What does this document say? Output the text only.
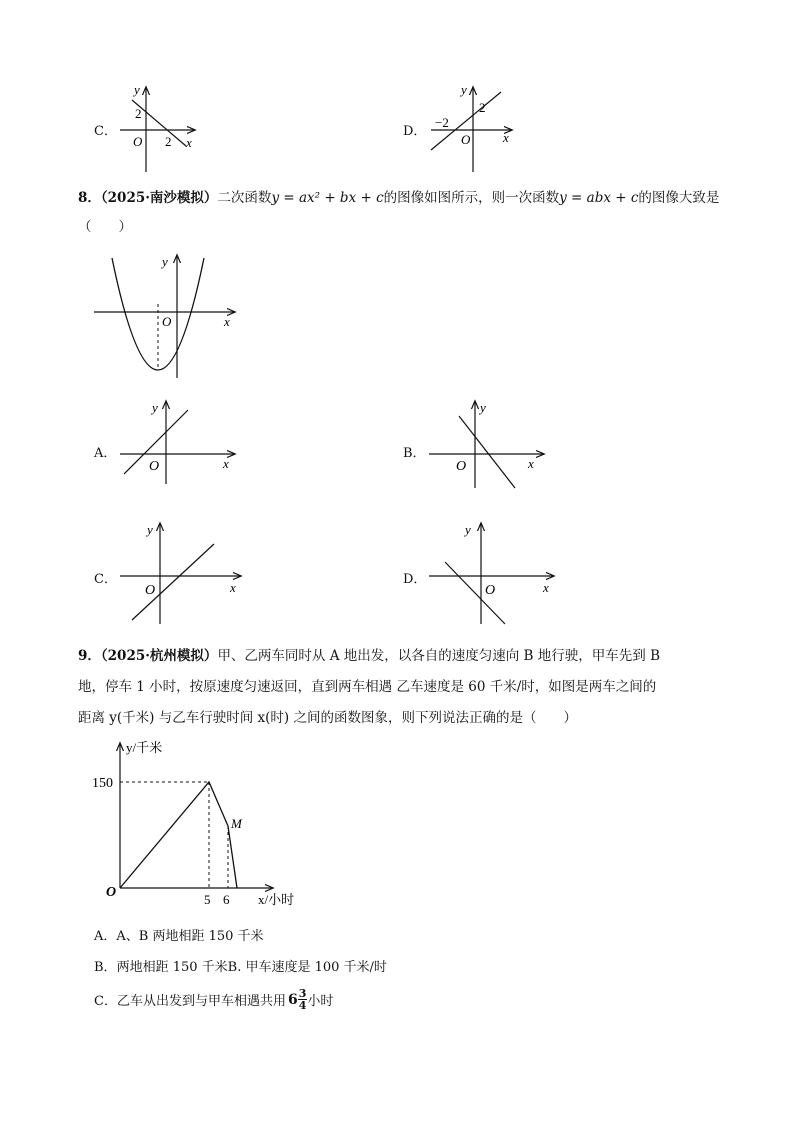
C．
y
x
O
2
2
D．
y
x
O
2
−2
8．（2025·南沙模拟）二次函数y = ax² + bx + c的图像如图所示，则一次函数y = abx + c的图像大致是
（　　）
y
x
O
A．
y
x
O
B．
y
x
O
C．
y
x
O
D．
y
x
O
9．（2025·杭州模拟）甲、乙两车同时从 A 地出发，以各自的速度匀速向 B 地行驶，甲车先到 B
地，停车 1 小时，按原速度匀速返回，直到两车相遇 乙车速度是 60 千米/时，如图是两车之间的
距离 y(千米) 与乙车行驶时间 x(时) 之间的函数图象，则下列说法正确的是（　　）
y/千米
x/小时
O
150
5 6
M
A．A、B 两地相距 150 千米
B．两地相距 150 千米B. 甲车速度是 100 千米/时
C． 乙车从出发到与甲车相遇共用 $6 \frac{3}{4}$ 小时
